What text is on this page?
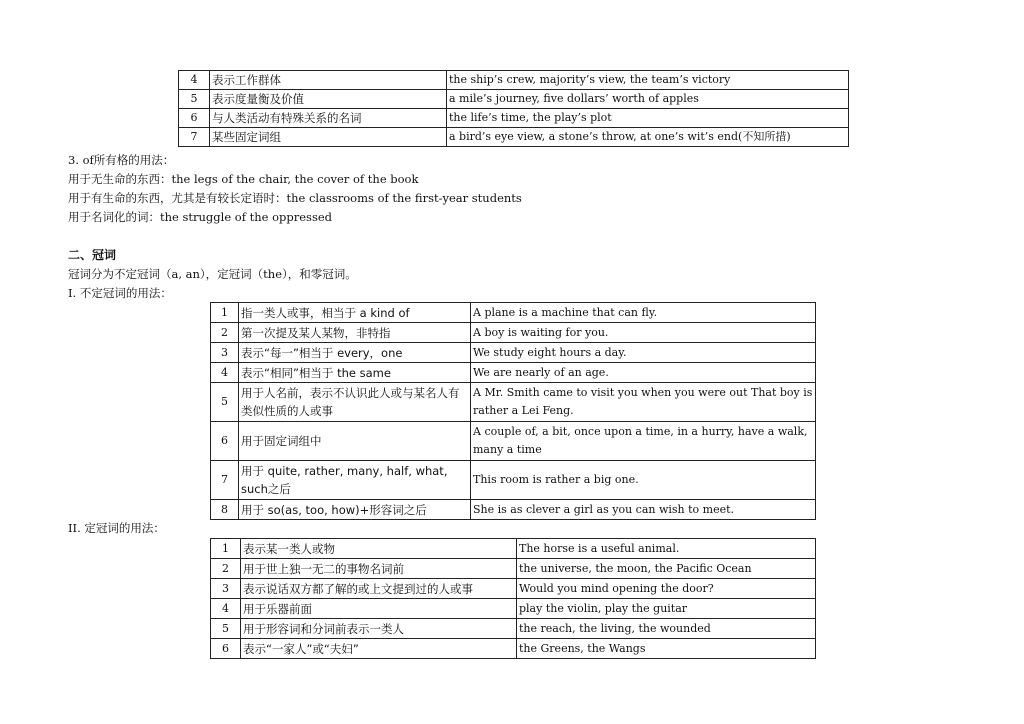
4	表示工作群体	the ship’s crew, majority’s view, the team’s victory
5	表示度量衡及价值	a mile’s journey, five dollars’ worth of apples
6	与人类活动有特殊关系的名词	the life’s time, the play’s plot
7	某些固定词组	a bird’s eye view, a stone’s throw, at one’s wit’s end(不知所措)
3. of所有格的用法：
用于无生命的东西：the legs of the chair, the cover of the book
用于有生命的东西，尤其是有较长定语时：the classrooms of the first-year students
用于名词化的词：the struggle of the oppressed
二、冠词
冠词分为不定冠词（a, an），定冠词（the），和零冠词。
I. 不定冠词的用法：
1	指一类人或事，相当于 a kind of	A plane is a machine that can fly.
2	第一次提及某人某物，非特指	A boy is waiting for you.
3	表示“每一”相当于 every，one	We study eight hours a day.
4	表示“相同”相当于 the same	We are nearly of an age.
5	用于人名前，表示不认识此人或与某名人有类似性质的人或事	A Mr. Smith came to visit you when you were out That boy is rather a Lei Feng.
6	用于固定词组中	A couple of, a bit, once upon a time, in a hurry, have a walk, many a time
7	用于 quite, rather, many, half, what, such之后	This room is rather a big one.
8	用于 so(as, too, how)+形容词之后	She is as clever a girl as you can wish to meet.
II. 定冠词的用法：
1	表示某一类人或物	The horse is a useful animal.
2	用于世上独一无二的事物名词前	the universe, the moon, the Pacific Ocean
3	表示说话双方都了解的或上文提到过的人或事	Would you mind opening the door?
4	用于乐器前面	play the violin, play the guitar
5	用于形容词和分词前表示一类人	the reach, the living, the wounded
6	表示“一家人”或“夫妇”	the Greens, the Wangs
